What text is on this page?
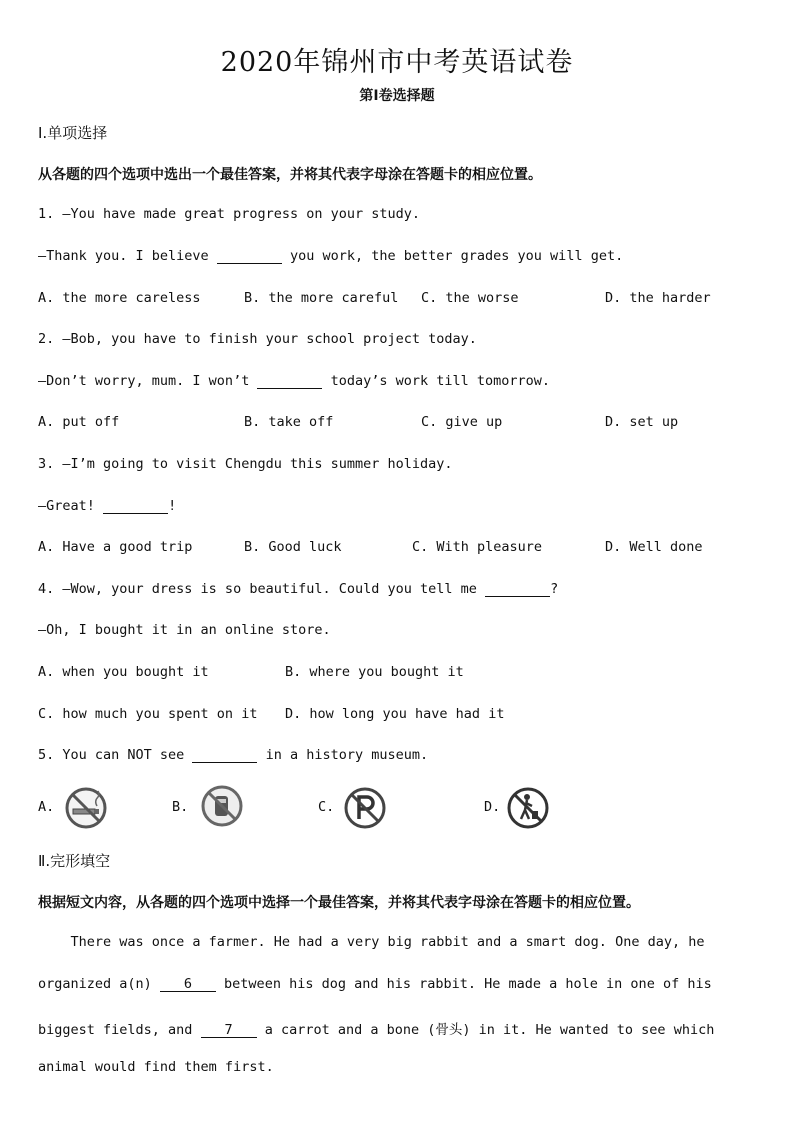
2020年锦州市中考英语试卷
第Ⅰ卷选择题
Ⅰ.单项选择
从各题的四个选项中选出一个最佳答案，并将其代表字母涂在答题卡的相应位置。
1. —You have made great progress on your study.
—Thank you. I believe	you work, the better grades you will get.
A. the more careless	B. the more careful C. the worse	D. the harder
2. —Bob, you have to finish your school project today.
—Don’t worry, mum. I won’t	today’s work till tomorrow.
A. put off	B. take off	C. give up	D. set up
3. —I’m going to visit Chengdu this summer holiday.
—Great!	!
A. Have a good trip	B. Good luck	C. With pleasure	D. Well done
4. —Wow, your dress is so beautiful. Could you tell me	?
—Oh, I bought it in an online store.
A. when you bought it	B. where you bought it
C. how much you spent on it D. how long you have had it
5. You can NOT see	in a history museum.
A.	B.	C.	D.
Ⅱ.完形填空
根据短文内容，从各题的四个选项中选择一个最佳答案，并将其代表字母涂在答题卡的相应位置。
There was once a farmer. He had a very big rabbit and a smart dog. One day, he
organized a(n) 6 between his dog and his rabbit. He made a hole in one of his
biggest fields, and 7 a carrot and a bone (骨头) in it. He wanted to see which
animal would find them first.
